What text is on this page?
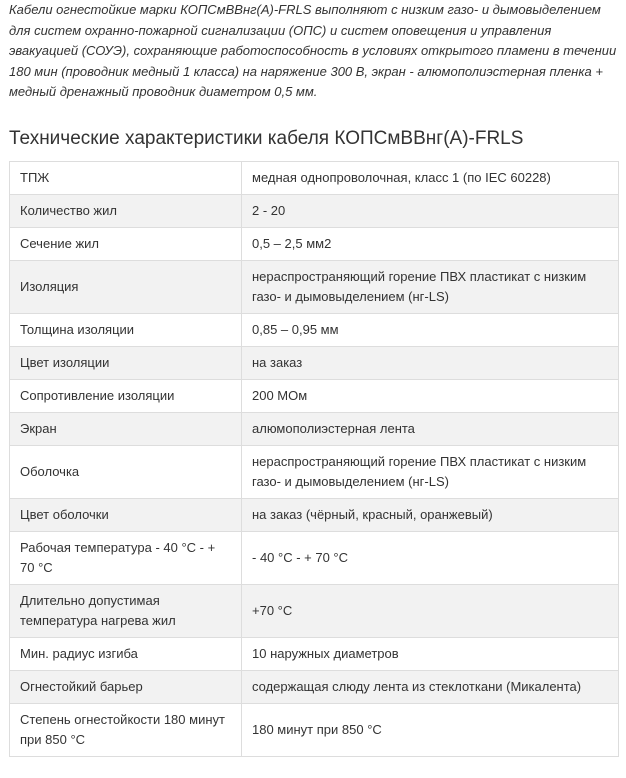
Кабели огнестойкие марки КОПСмВВнг(А)-FRLS выполняют с низким газо- и дымовыделением для систем охранно-пожарной сигнализации (ОПС) и систем оповещения и управления эвакуацией (СОУЭ), сохраняющие работоспособность в условиях открытого пламени в течении 180 мин (проводник медный 1 класса) на наряжение 300 В, экран - алюмополиэстерная пленка + медный дренажный проводник диаметром 0,5 мм.

Технические характеристики кабеля КОПСмВВнг(А)-FRLS
ТПЖ	медная однопроволочная, класс 1 (по IEC 60228)
Количество жил	2 - 20
Сечение жил	0,5 – 2,5 мм2
Изоляция	нераспространяющий горение ПВХ пластикат с низким газо- и дымовыделением (нг-LS)
Толщина изоляции	0,85 – 0,95 мм
Цвет изоляции	на заказ
Сопротивление изоляции	200 МОм
Экран	алюмополиэстерная лента
Оболочка	нераспространяющий горение ПВХ пластикат с низким газо- и дымовыделением (нг-LS)
Цвет оболочки	на заказ (чёрный, красный, оранжевый)
Рабочая температура - 40 °C - + 70 °C	- 40 °C - + 70 °C
Длительно допустимая температура нагрева жил	+70 °C
Мин. радиус изгиба	10 наружных диаметров
Огнестойкий барьер	содержащая слюду лента из стеклоткани (Микалента)
Степень огнестойкости 180 минут при 850 °C	180 минут при 850 °C
